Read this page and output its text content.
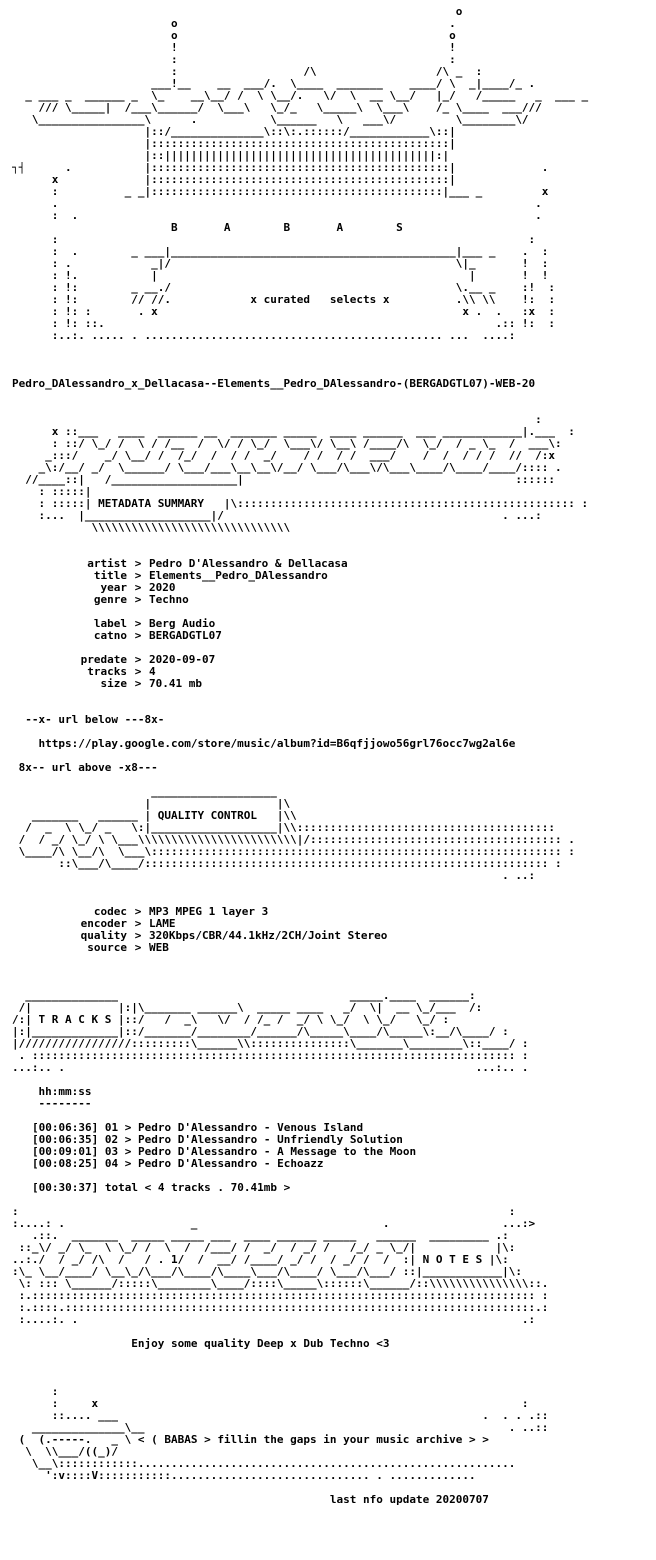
o
o                                         .
o                                         o
!                                         !
:                                         :
:                   /\                  /\ _  :
___!__    __  ___/.  \____  _______    ____/ \  _|____/_ .
_ ___ _  ______ _  \_    __\__/ /  \ \__/.   \/  \  __ \__/   |_/   /_____   _  ___ _
/// \_____|  /___\______/  \___\   \_/_   \_____\  \___\    /_ \____  ___///
\________________\      .           \______   \   ___\/         \________\/
|::/______________\::\:.::::::/____________\::|
|:::::::::::::::::::::::::::::::::::::::::::::|
|::|||||||||||||||||||||||||||||||||||||||||:|
┐┤      .           |:::::::::::::::::::::::::::::::::::::::::::::|             .
x             |:::::::::::::::::::::::::::::::::::::::::::::|
:          _ _|::::::::::::::::::::::::::::::::::::::::::::|___ _         x
.                                                                        .
:  .                                                                     .
B       A        B       A        S
:                                                                       :
:  .        _ ___|___________________________________________|___ _    .  :
: .            _|/                                           \|_       !  :
: !.           |                                               |       !  !
: !:        _ __./                                           \.__ _    :!  :
: !:        // //.            x curated   selects x          .\\ \\    !:  :
: !: :       . x                                              x .  .   :x  :
: !: ::.                                                           .:: !:  :
:..:. ..... . ............................................. ...  ....:
Pedro_DAlessandro_x_Dellacasa--Elements__Pedro_DAlessandro-(BERGADGTL07)-WEB-20
:
x ::___   ____  ______ __  _______ _____  ____ ______  ___ ____________|.___  :
: ::/ \_/ /  \ / /__  /  \/ / \_/  \___\/ \__\ /____/\  \_/  / _ \_  /  ___\:
_:::/    _/ \__/ /  /_/  /  / /  _/    / /  / /  ___/    /  /  / / /  //  /:x
_\:/__/ _/  \______/ \___/___\__\__\/__/ \___/\___\/\___\____/\____/____/:::: .
//____::|   /___________________|                                         ::::::
: :::::|
: :::::| METADATA SUMMARY   |\::::::::::::::::::::::::::::::::::::::::::::::::::: :
:...  |___________________|/                                          . ...:
\\\\\\\\\\\\\\\\\\\\\\\\\\\\\\
artist > Pedro D'Alessandro & Dellacasa
title > Elements__Pedro_DAlessandro
year > 2020
genre > Techno
label > Berg Audio
catno > BERGADGTL07
predate > 2020-09-07
tracks > 4
size > 70.41 mb
--x- url below ---8x-
https://play.google.com/store/music/album?id=B6qfjjowo56grl76occ7wg2al6e
8x-- url above -x8---
___________________
|                   |\
_______   ______ | QUALITY CONTROL   |\\
/  _  \ \_/ _   \:|___________________|\\:::::::::::::::::::::::::::::::::::::::
/  / _/ \_/ \ \___\\\\\\\\\\\\\\\\\\\\\\\\|/:::::::::::::::::::::::::::::::::::::: .
\____/\ \__/\  \___\:::::::::::::::::::::::::::::::::::::::::::::::::::::::::::::: :
::\___/\____/::::::::::::::::::::::::::::::::::::::::::::::::::::::::::::: :
. ..:
codec > MP3 MPEG 1 layer 3
encoder > LAME
quality > 320Kbps/CBR/44.1kHz/2CH/Joint Stereo
source > WEB
______________                                   _____.____  ______:
/|             |:|\_______ ______\  _____ ____   _/  \|  __ \_/___  /:
/:| T R A C K S |::/   /  _\   \/  / /_ /  _/ \ \_/  \ \_/   \_/ :
|:|_____________|::/_______/________/______/\_____\____/\_____\:__/\____/ :
|/////////////////:::::::::\______\\:::::::::::::::\_______\________\::____/ :
. ::::::::::::::::::::::::::::::::::::::::::::::::::::::::::::::::::::::::: :
...:.. .                                                              ...:.. .
hh:mm:ss
--------
[00:06:36] 01 > Pedro D'Alessandro - Venous Island
[00:06:35] 02 > Pedro D'Alessandro - Unfriendly Solution
[00:09:01] 03 > Pedro D'Alessandro - A Message to the Moon
[00:08:25] 04 > Pedro D'Alessandro - Echoazz
[00:30:37] total < 4 tracks . 70.41mb >
:                                                                          :
:....: .                   _                            .                 ...:>
.::.  _______  _____ _____ ___  ____ ______ _____   ______  _________ .:
::_\/ _/ \_  \ \_/ /  \  /  /___/ /  _/  / _/ /   /_/ _ \_/|            |\:
..:./  / _/ /\  /   / . 1/  /  __/ /____/ _/ /  / _/ /  /  :| N O T E S |\:
:\_ \__/____/ \__\_/\___/\____/\____\___/\____/ \___/\___/ ::|____________|\:
\: ::: \______/:::::\________\____/::::\_____\::::::\______/::\\\\\\\\\\\\\\\::.
:.:::::::::::::::::::::::::::::::::::::::::::::::::::::::::::::::::::::::::::: :
:.::::.:::::::::::::::::::::::::::::::::::::::::::::::::::::::::::::::::::::::.:
:....:. .                                                                   .:
Enjoy some quality Deep x Dub Techno <3
:
:     x                                                                :
::.... ___                                                       .  . . .::
______________\__                                                       . ..::
(  (.-----.   _ \ < ( BABAS > fillin the gaps in your music archive > >
\  \\___/((_)/
\__\::::::::::::.........................................................
':v::::V:::::::::::.............................. . .............
last nfo update 20200707
